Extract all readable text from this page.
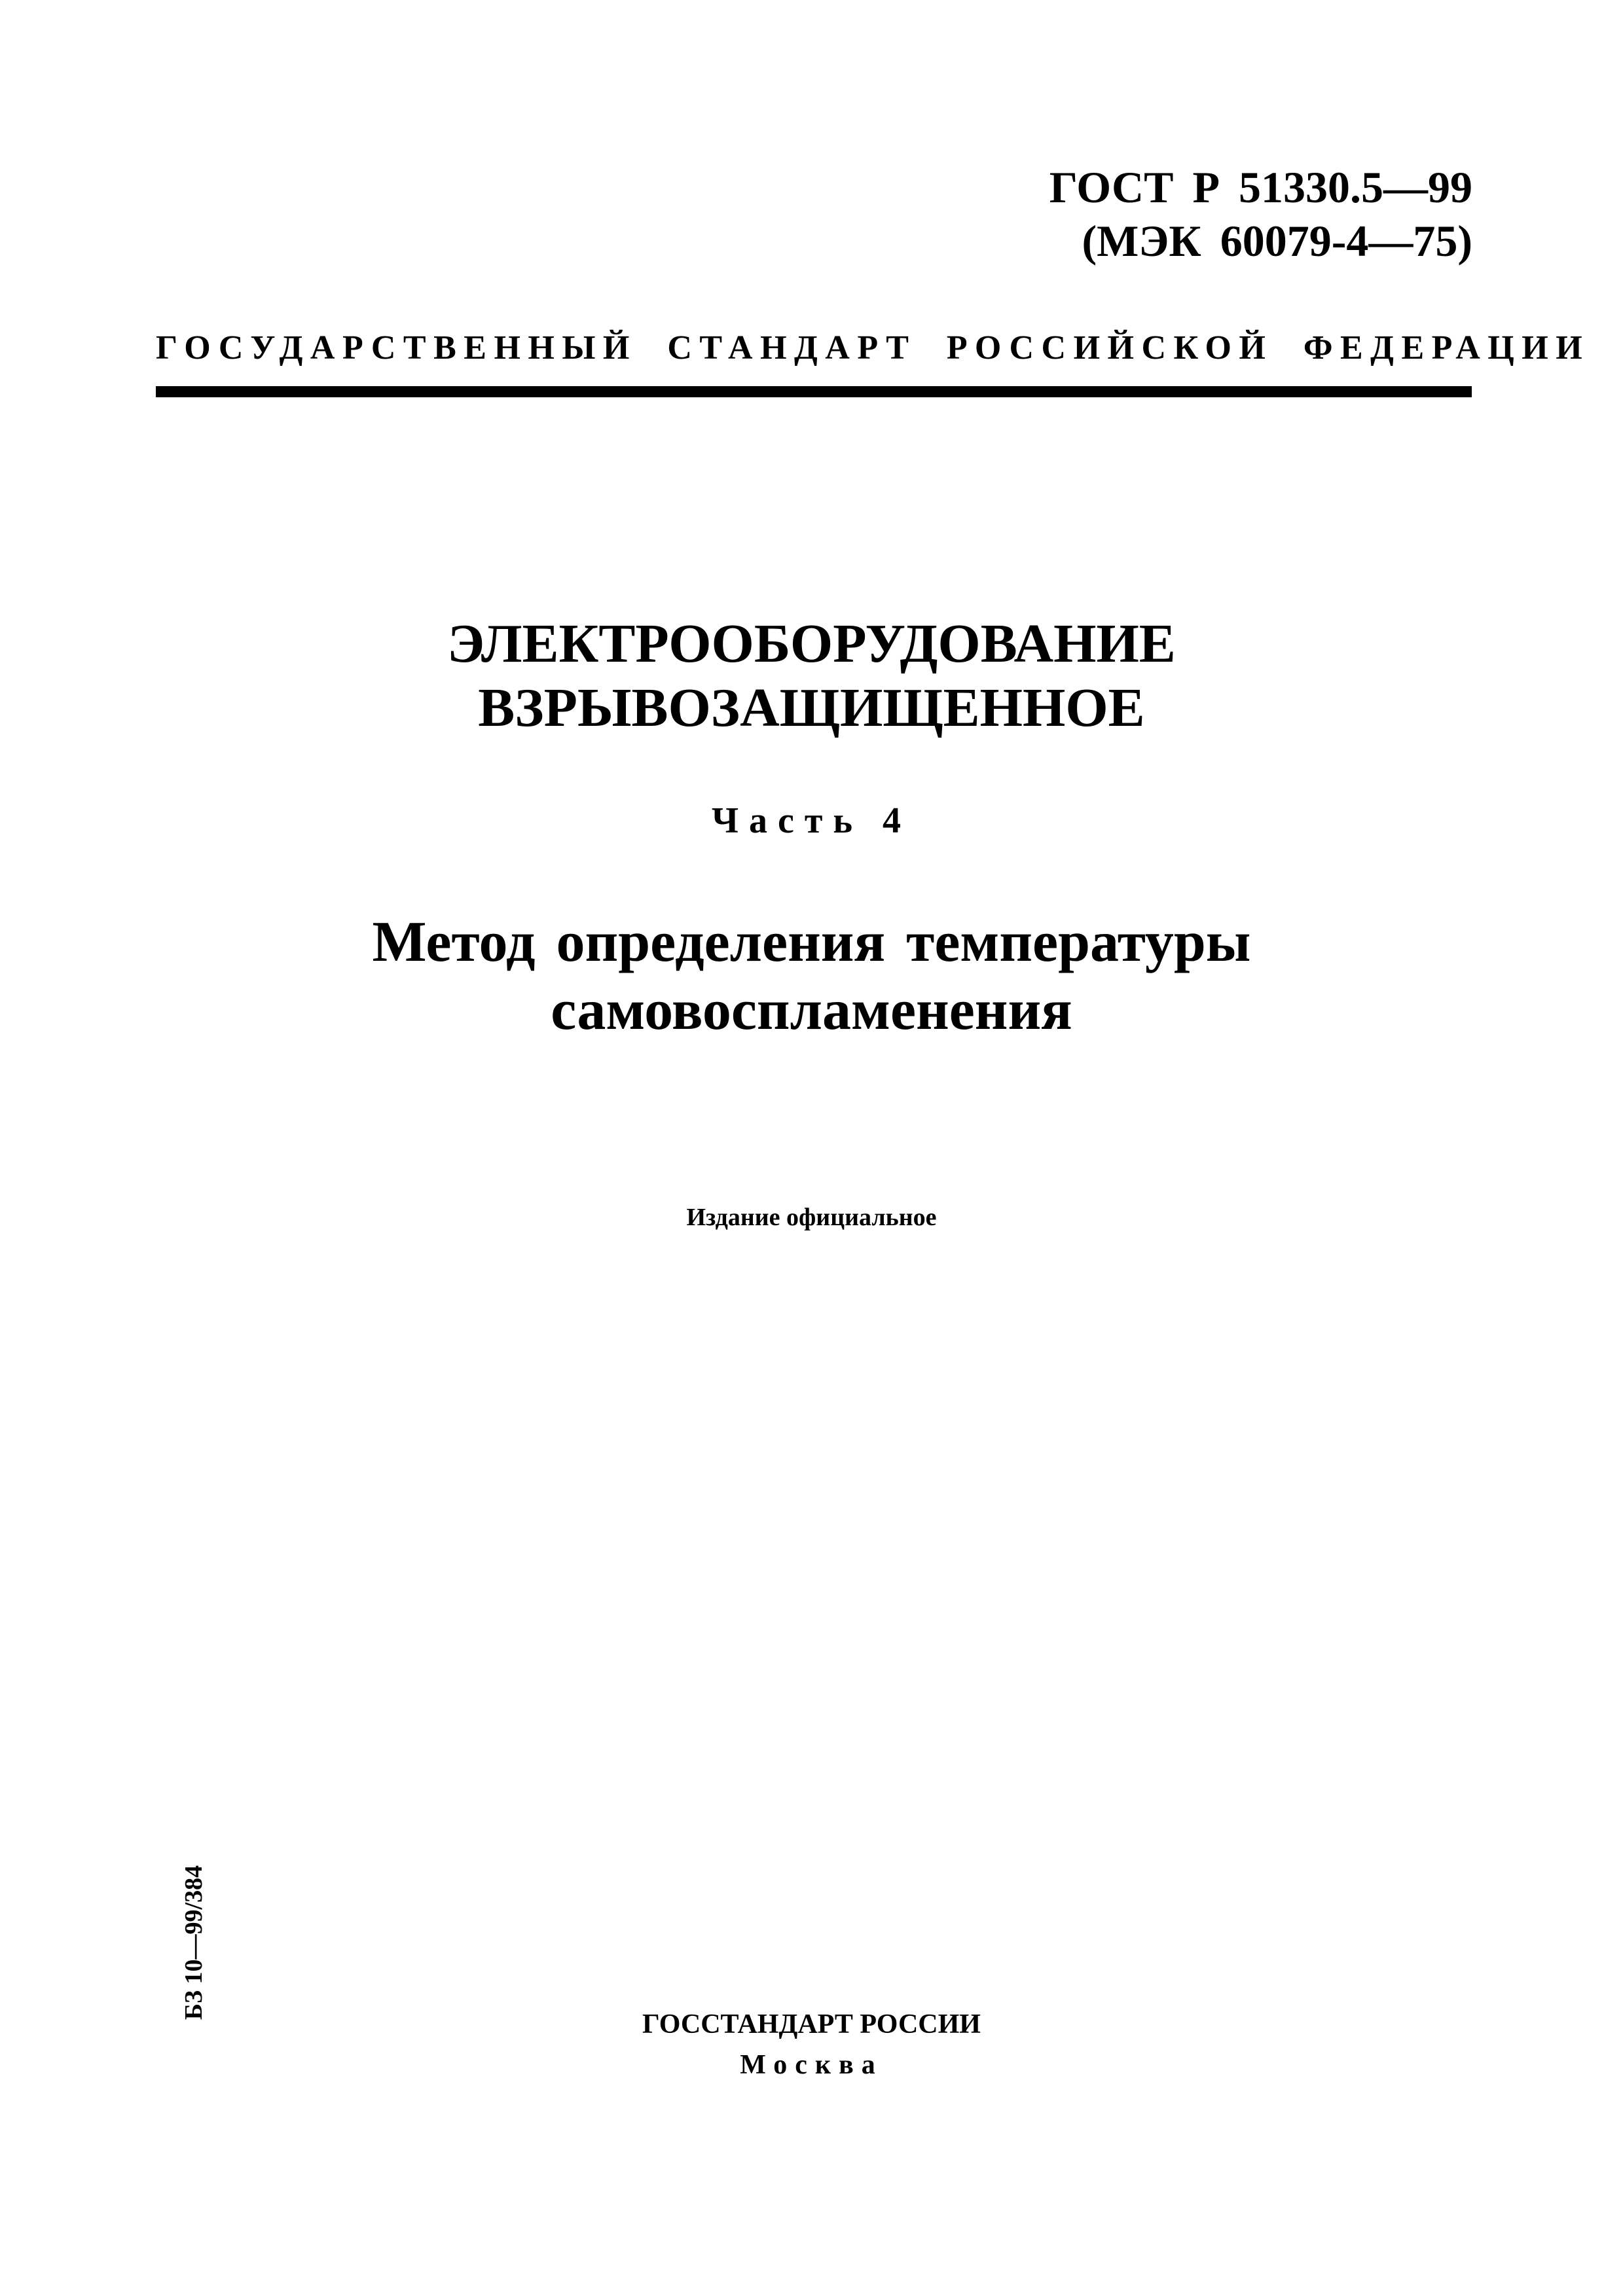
ГОСТ Р 51330.5—99
(МЭК 60079-4—75)
ГОСУДАРСТВЕННЫЙ СТАНДАРТ РОССИЙСКОЙ ФЕДЕРАЦИИ
ЭЛЕКТРООБОРУДОВАНИЕ
ВЗРЫВОЗАЩИЩЕННОЕ
Часть 4
Метод определения температуры
самовоспламенения
Издание официальное
БЗ 10—99/384
ГОССТАНДАРТ РОССИИ
Москва
